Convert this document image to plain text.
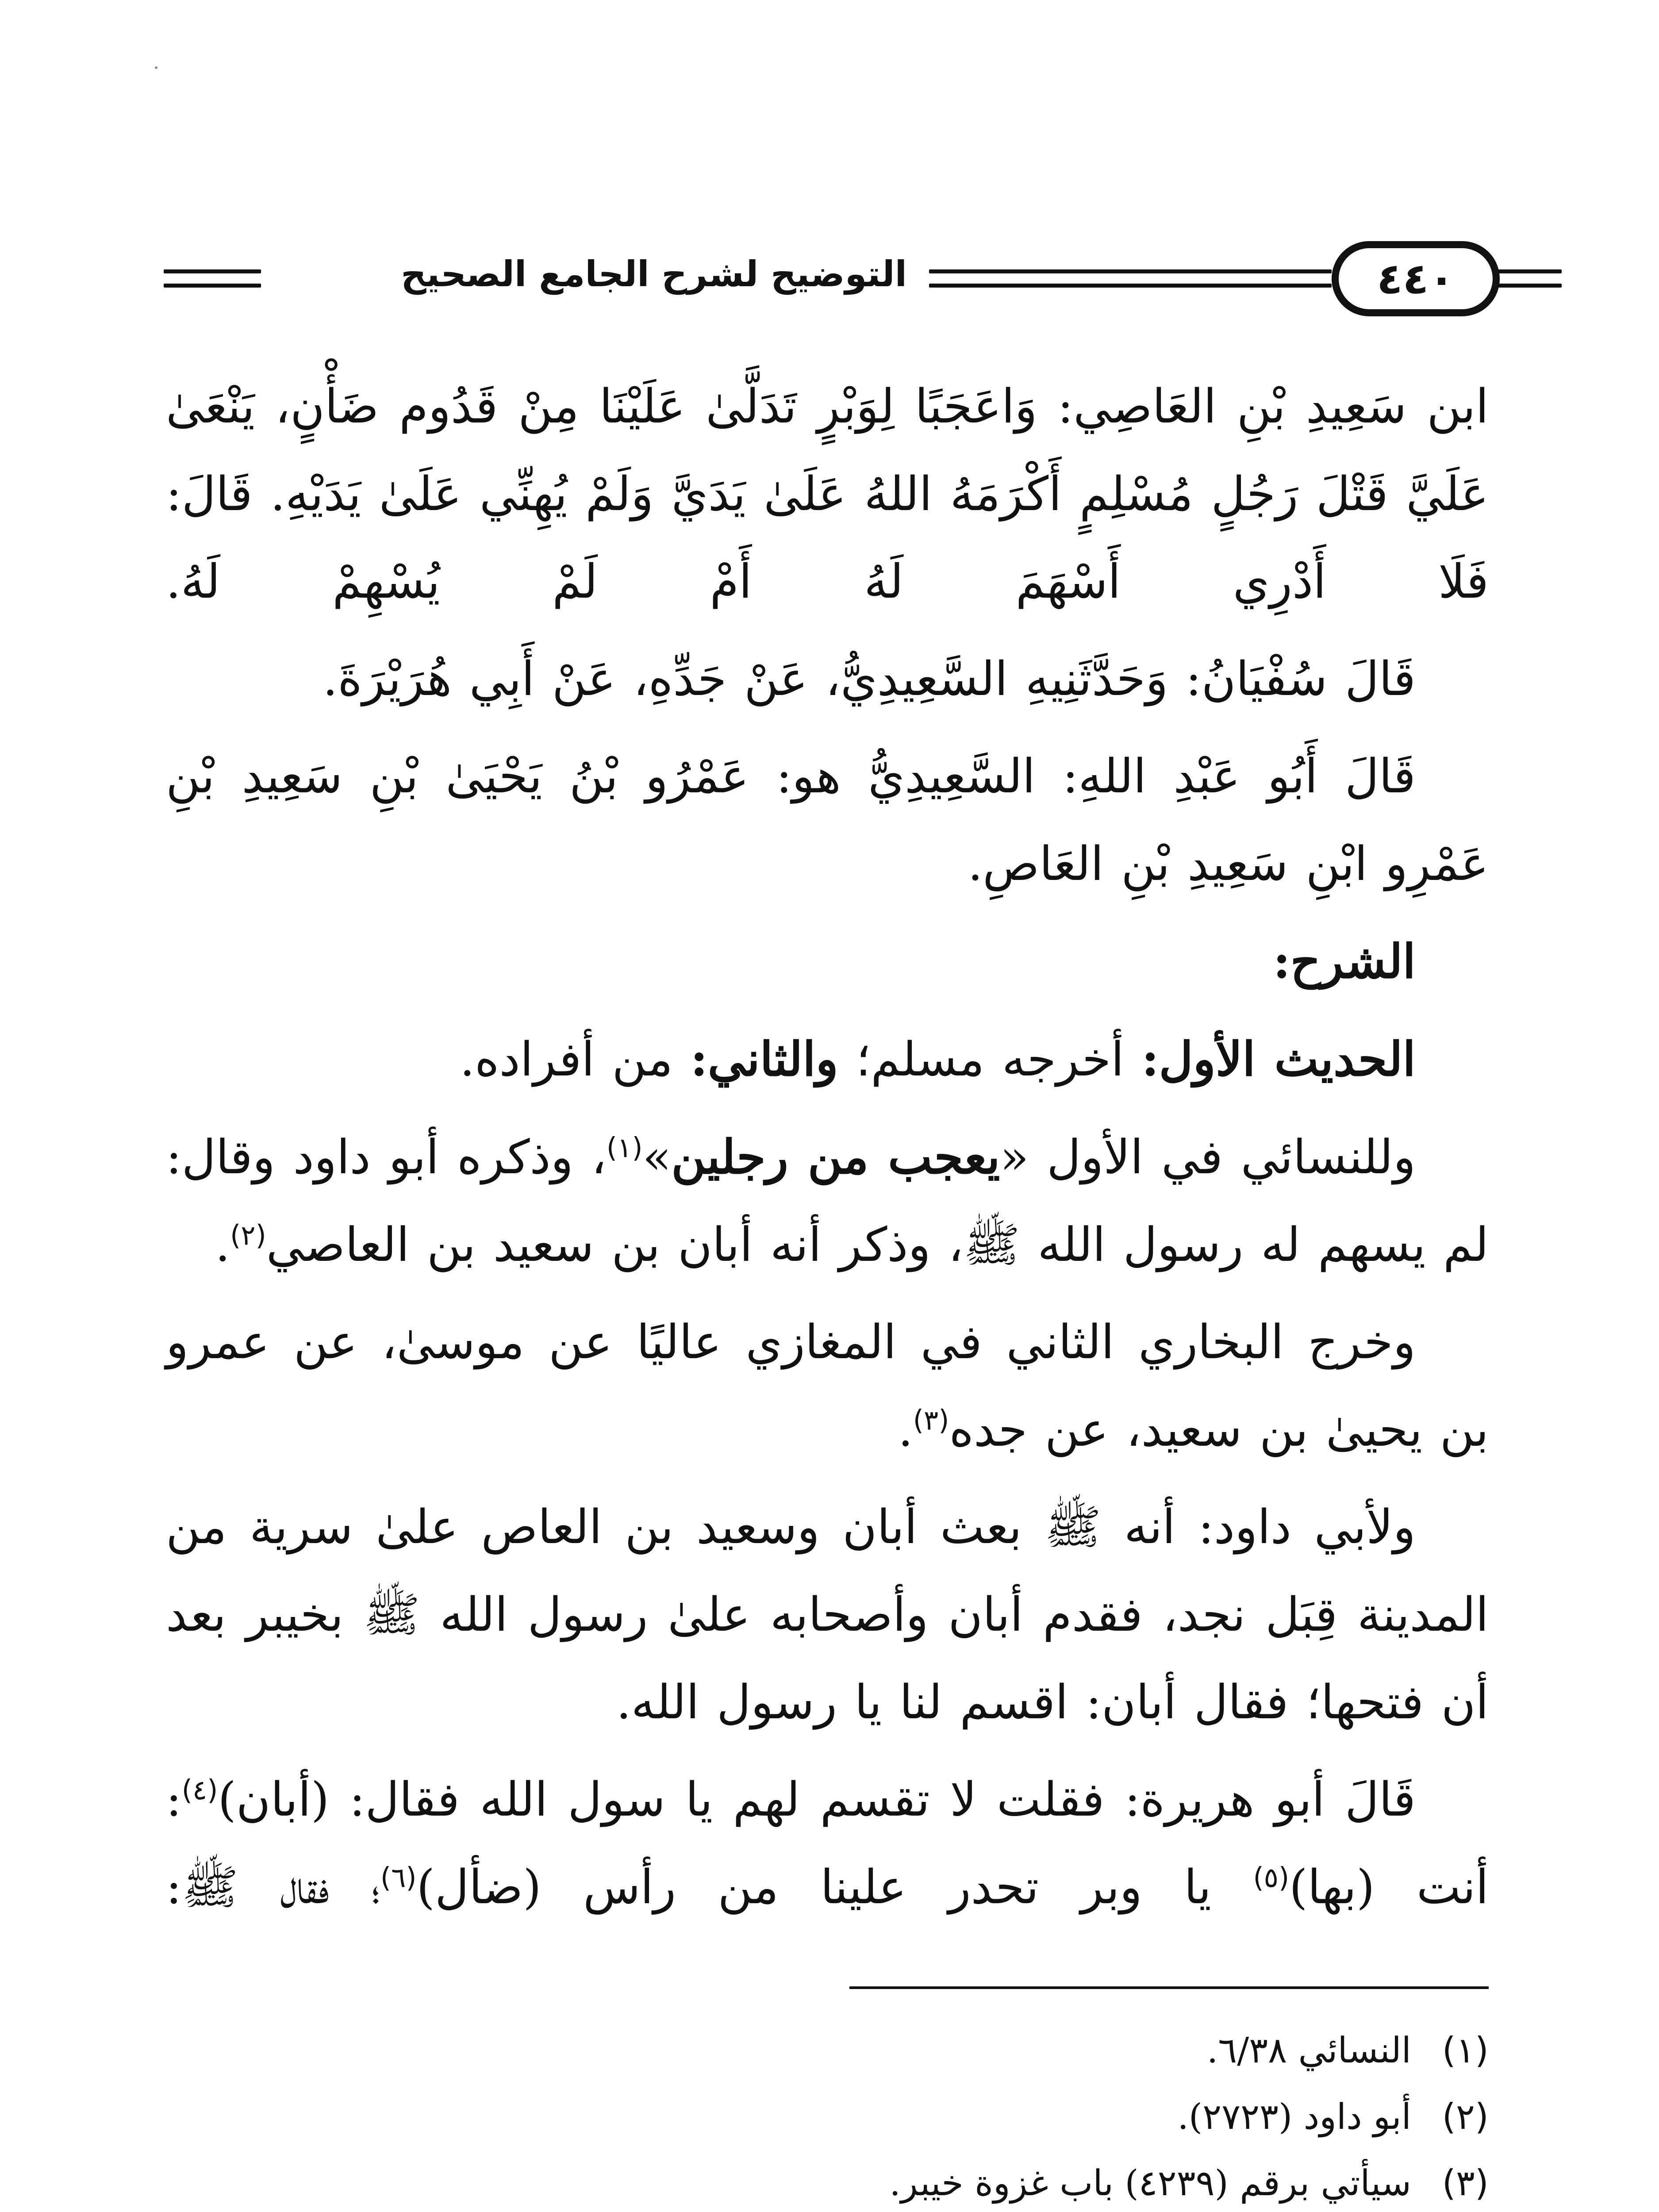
التوضيح لشرح الجامع الصحيح	٤٤٠

ابن سَعِيدِ بْنِ العَاصِي: وَاعَجَبًا لِوَبْرٍ تَدَلَّىٰ عَلَيْنَا مِنْ قَدُوم ضَأْنٍ، يَنْعَىٰ عَلَيَّ قَتْلَ رَجُلٍ مُسْلِمٍ أَكْرَمَهُ اللهُ عَلَىٰ يَدَيَّ وَلَمْ يُهِنِّي عَلَىٰ يَدَيْهِ. قَالَ: فَلَا أَدْرِي أَسْهَمَ لَهُ أَمْ لَمْ يُسْهِمْ لَهُ.

قَالَ سُفْيَانُ: وَحَدَّثَنِيهِ السَّعِيدِيُّ، عَنْ جَدِّهِ، عَنْ أَبِي هُرَيْرَةَ.

قَالَ أَبُو عَبْدِ اللهِ: السَّعِيدِيُّ هو: عَمْرُو بْنُ يَحْيَىٰ بْنِ سَعِيدِ بْنِ عَمْرِو ابْنِ سَعِيدِ بْنِ العَاصِ.

الشرح:

الحديث الأول: أخرجه مسلم؛ والثاني: من أفراده.

وللنسائي في الأول «يعجب من رجلين»$^{(١)}$، وذكره أبو داود وقال: لم يسهم له رسول الله ﷺ، وذكر أنه أبان بن سعيد بن العاصي$^{(٢)}$.

وخرج البخاري الثاني في المغازي عاليًا عن موسىٰ، عن عمرو بن يحيىٰ بن سعيد، عن جده$^{(٣)}$.

ولأبي داود: أنه ﷺ بعث أبان وسعيد بن العاص علىٰ سرية من المدينة قِبَل نجد، فقدم أبان وأصحابه علىٰ رسول الله ﷺ بخيبر بعد أن فتحها؛ فقال أبان: اقسم لنا يا رسول الله.

قَالَ أبو هريرة: فقلت لا تقسم لهم يا سول الله فقال: (أبان)$^{(٤)}$: أنت (بها)$^{(٥)}$ يا وبر تحدر علينا من رأس (ضأل)$^{(٦)}$؛ فقال ﷺ:

(١)النسائي ٦/٣٨.
(٢)أبو داود (٢٧٢٣).
(٣)سيأتي برقم (٤٢٣٩) باب غزوة خيبر.
